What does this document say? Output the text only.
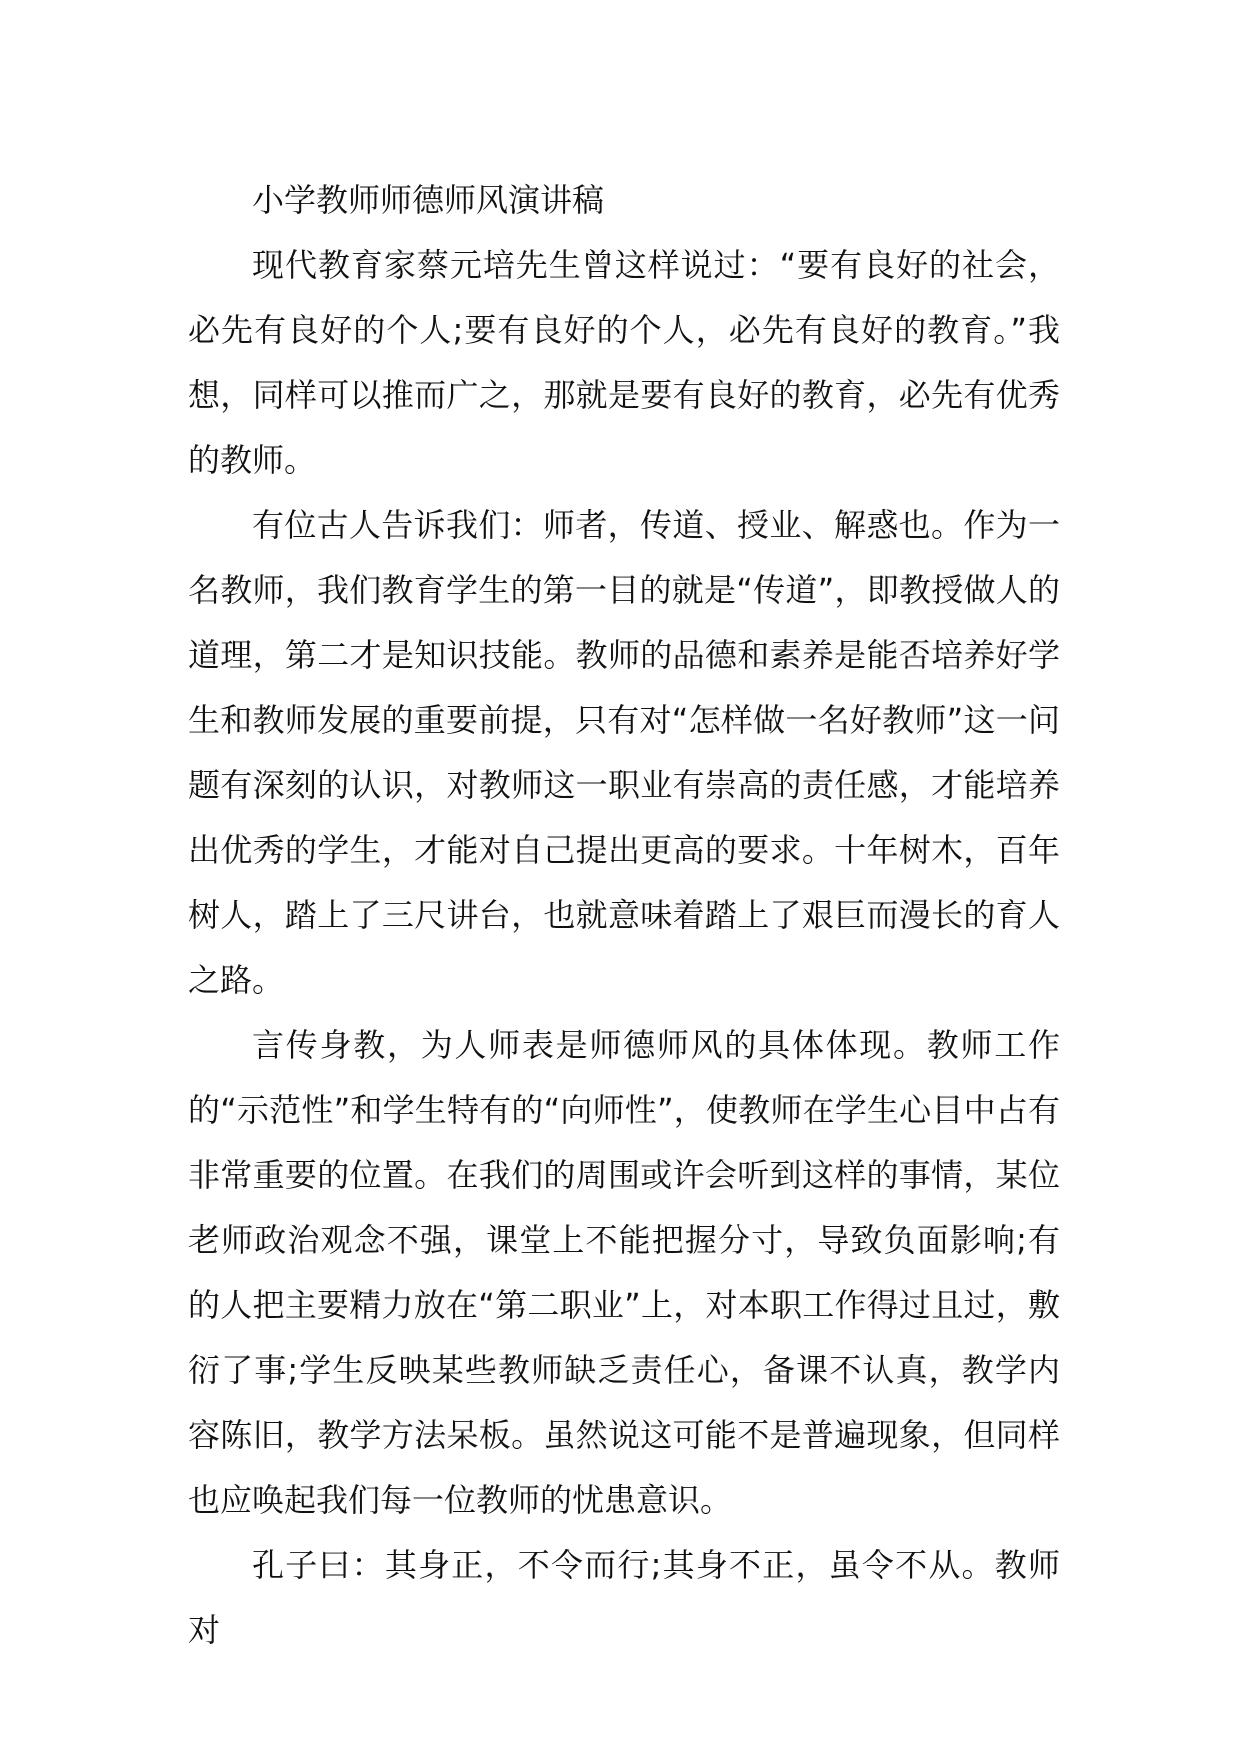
小学教师师德师风演讲稿

现代教育家蔡元培先生曾这样说过：“要有良好的社会，必先有良好的个人;要有良好的个人，必先有良好的教育。”我想，同样可以推而广之，那就是要有良好的教育，必先有优秀的教师。

有位古人告诉我们：师者，传道、授业、解惑也。作为一名教师，我们教育学生的第一目的就是“传道”，即教授做人的道理，第二才是知识技能。教师的品德和素养是能否培养好学生和教师发展的重要前提，只有对“怎样做一名好教师”这一问题有深刻的认识，对教师这一职业有崇高的责任感，才能培养出优秀的学生，才能对自己提出更高的要求。十年树木，百年树人，踏上了三尺讲台，也就意味着踏上了艰巨而漫长的育人之路。

言传身教，为人师表是师德师风的具体体现。教师工作的“示范性”和学生特有的“向师性”，使教师在学生心目中占有非常重要的位置。在我们的周围或许会听到这样的事情，某位老师政治观念不强，课堂上不能把握分寸，导致负面影响;有的人把主要精力放在“第二职业”上，对本职工作得过且过，敷衍了事;学生反映某些教师缺乏责任心，备课不认真，教学内容陈旧，教学方法呆板。虽然说这可能不是普遍现象，但同样也应唤起我们每一位教师的忧患意识。

孔子曰：其身正，不令而行;其身不正，虽令不从。教师对
